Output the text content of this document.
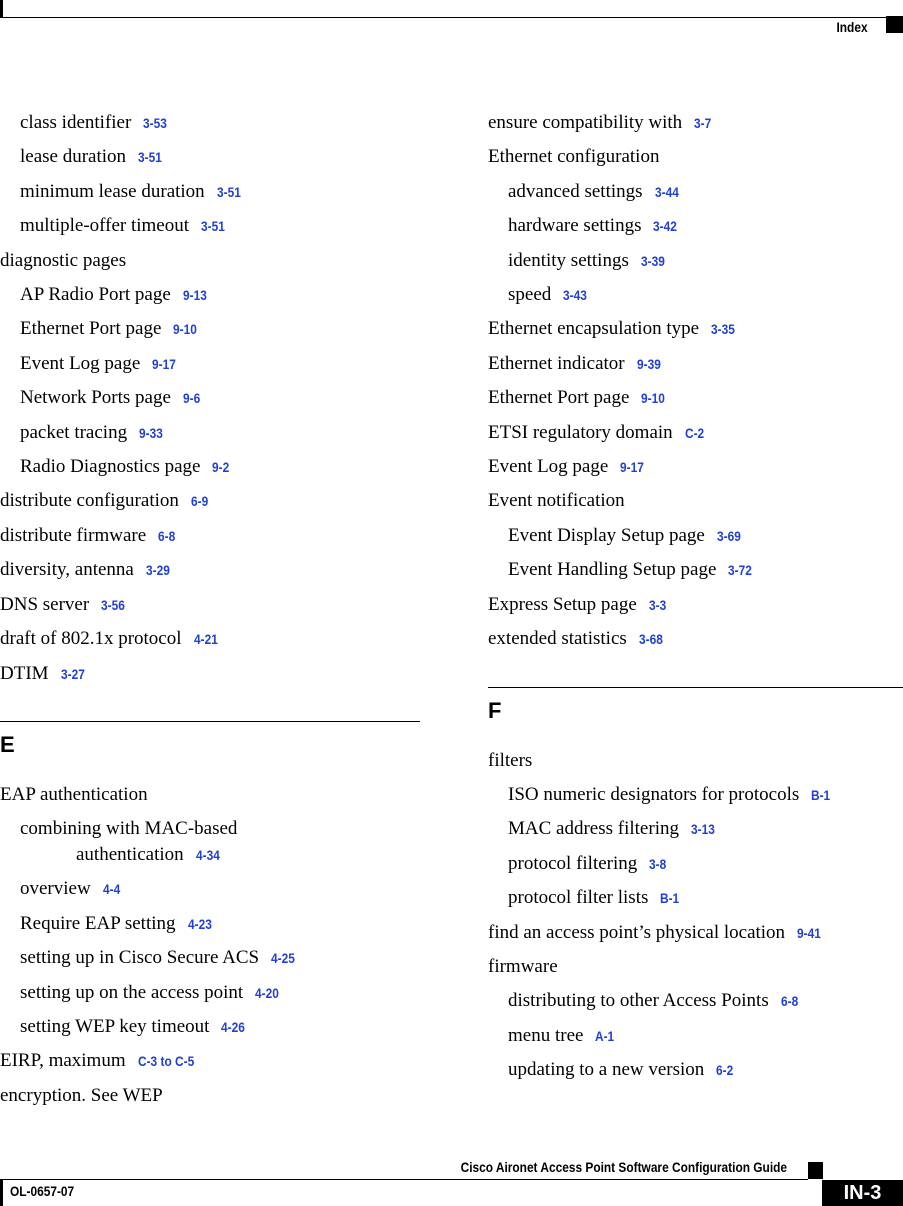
Index
class identifier 3-53
lease duration 3-51
minimum lease duration 3-51
multiple-offer timeout 3-51
diagnostic pages
AP Radio Port page 9-13
Ethernet Port page 9-10
Event Log page 9-17
Network Ports page 9-6
packet tracing 9-33
Radio Diagnostics page 9-2
distribute configuration 6-9
distribute firmware 6-8
diversity, antenna 3-29
DNS server 3-56
draft of 802.1x protocol 4-21
DTIM 3-27
E
EAP authentication
combining with MAC-based
authentication 4-34
overview 4-4
Require EAP setting 4-23
setting up in Cisco Secure ACS 4-25
setting up on the access point 4-20
setting WEP key timeout 4-26
EIRP, maximum C-3 to C-5
encryption. See WEP
ensure compatibility with 3-7
Ethernet configuration
advanced settings 3-44
hardware settings 3-42
identity settings 3-39
speed 3-43
Ethernet encapsulation type 3-35
Ethernet indicator 9-39
Ethernet Port page 9-10
ETSI regulatory domain C-2
Event Log page 9-17
Event notification
Event Display Setup page 3-69
Event Handling Setup page 3-72
Express Setup page 3-3
extended statistics 3-68
F
filters
ISO numeric designators for protocols B-1
MAC address filtering 3-13
protocol filtering 3-8
protocol filter lists B-1
find an access point’s physical location 9-41
firmware
distributing to other Access Points 6-8
menu tree A-1
updating to a new version 6-2
Cisco Aironet Access Point Software Configuration Guide
OL-0657-07	IN-3
